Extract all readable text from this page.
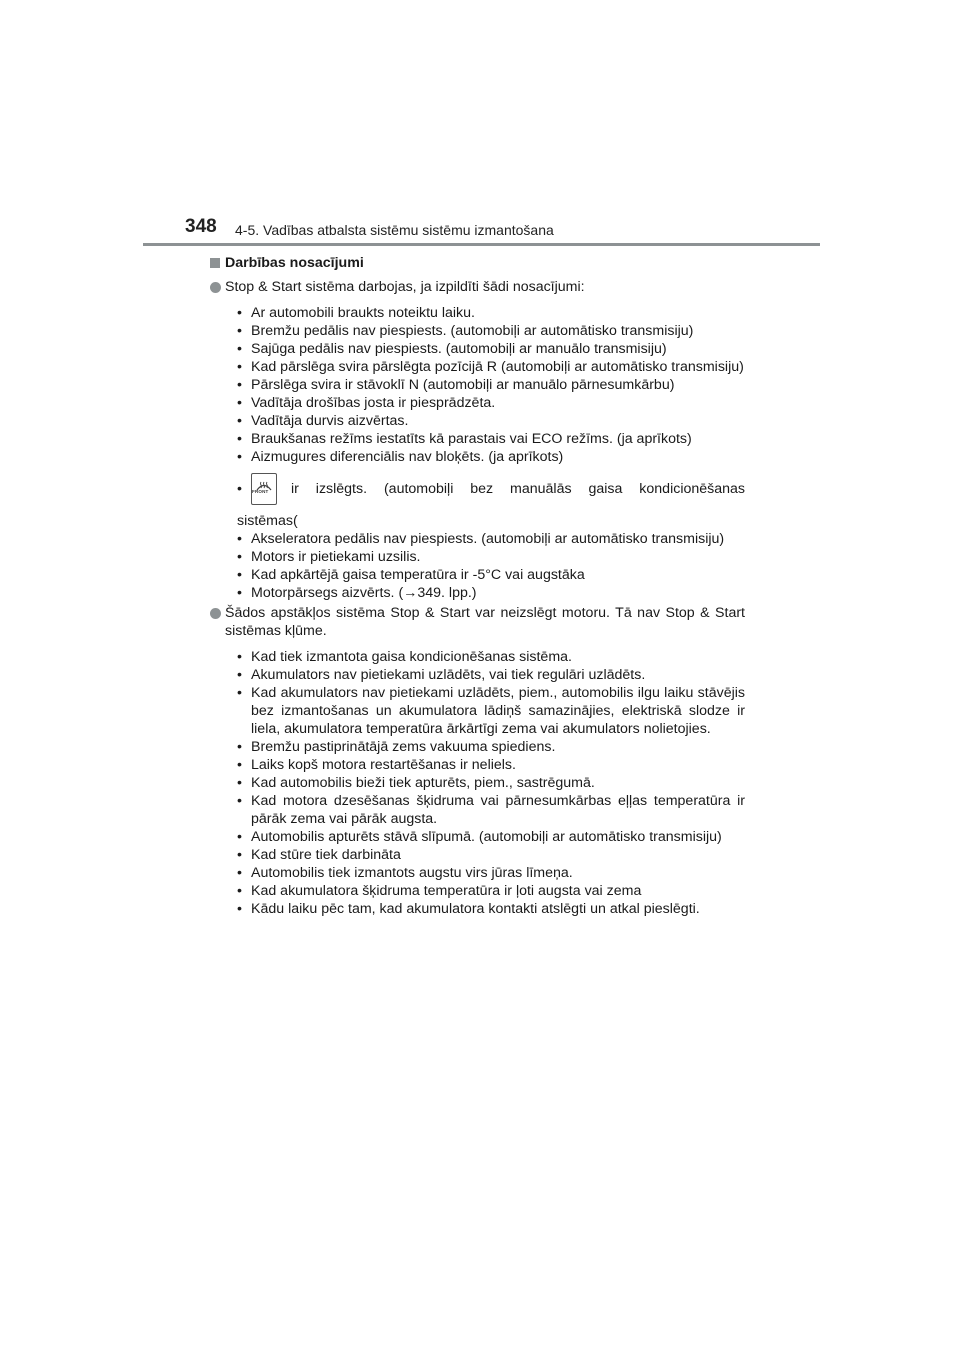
348 4-5. Vadības atbalsta sistēmu sistēmu izmantošana
Darbības nosacījumi
Stop & Start sistēma darbojas, ja izpildīti šādi nosacījumi:
• Ar automobili braukts noteiktu laiku.
• Bremžu pedālis nav piespiests. (automobiļi ar automātisko transmisiju)
• Sajūga pedālis nav piespiests. (automobiļi ar manuālo transmisiju)
• Kad pārslēga svira pārslēgta pozīcijā R (automobiļi ar automātisko transmisiju)
• Pārslēga svira ir stāvoklī N (automobiļi ar manuālo pārnesumkārbu)
• Vadītāja drošības josta ir piesprādzēta.
• Vadītāja durvis aizvērtas.
• Braukšanas režīms iestatīts kā parastais vai ECO režīms. (ja aprīkots)
• Aizmugures diferenciālis nav bloķēts. (ja aprīkots)
• FRONT	ir izslēgts. (automobiļi bez manuālās gaisa kondicionēšanas
sistēmas(
• Akseleratora pedālis nav piespiests. (automobiļi ar automātisko transmisiju)
• Motors ir pietiekami uzsilis.
• Kad apkārtējā gaisa temperatūra ir -5°C vai augstāka
• Motorpārsegs aizvērts. (→349. lpp.)
Šādos apstākļos sistēma Stop & Start var neizslēgt motoru. Tā nav Stop & Start sistēmas kļūme.
• Kad tiek izmantota gaisa kondicionēšanas sistēma.
• Akumulators nav pietiekami uzlādēts, vai tiek regulāri uzlādēts.
• Kad akumulators nav pietiekami uzlādēts, piem., automobilis ilgu laiku stāvējis bez izmantošanas un akumulatora lādiņš samazinājies, elektriskā slodze ir liela, akumulatora temperatūra ārkārtīgi zema vai akumulators nolietojies.
• Bremžu pastiprinātājā zems vakuuma spiediens.
• Laiks kopš motora restartēšanas ir neliels.
• Kad automobilis bieži tiek apturēts, piem., sastrēgumā.
• Kad motora dzesēšanas šķidruma vai pārnesumkārbas eļļas temperatūra ir pārāk zema vai pārāk augsta.
• Automobilis apturēts stāvā slīpumā. (automobiļi ar automātisko transmisiju)
• Kad stūre tiek darbināta
• Automobilis tiek izmantots augstu virs jūras līmeņa.
• Kad akumulatora šķidruma temperatūra ir ļoti augsta vai zema
• Kādu laiku pēc tam, kad akumulatora kontakti atslēgti un atkal pieslēgti.
